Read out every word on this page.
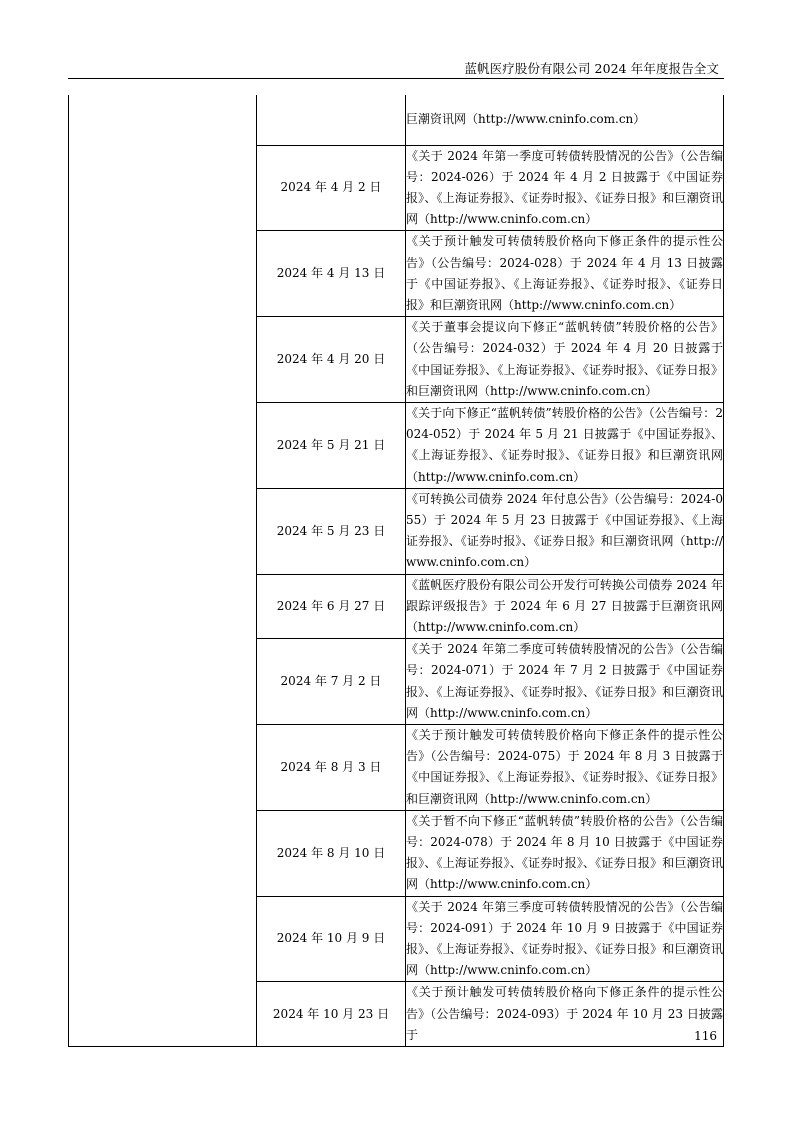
蓝帆医疗股份有限公司 2024 年年度报告全文
		巨潮资讯网（http://www.cninfo.com.cn）
	2024 年 4 月 2 日	《关于 2024 年第一季度可转债转股情况的公告》（公告编号：2024-026）于 2024 年 4 月 2 日披露于《中国证券报》、《上海证券报》、《证券时报》、《证券日报》和巨潮资讯网（http://www.cninfo.com.cn）
	2024 年 4 月 13 日	《关于预计触发可转债转股价格向下修正条件的提示性公告》（公告编号：2024-028）于 2024 年 4 月 13 日披露于《中国证券报》、《上海证券报》、《证券时报》、《证券日报》和巨潮资讯网（http://www.cninfo.com.cn）
	2024 年 4 月 20 日	《关于董事会提议向下修正“蓝帆转债”转股价格的公告》（公告编号：2024-032）于 2024 年 4 月 20 日披露于《中国证券报》、《上海证券报》、《证券时报》、《证券日报》和巨潮资讯网（http://www.cninfo.com.cn）
	2024 年 5 月 21 日	《关于向下修正“蓝帆转债”转股价格的公告》（公告编号：2024-052）于 2024 年 5 月 21 日披露于《中国证券报》、《上海证券报》、《证券时报》、《证券日报》和巨潮资讯网（http://www.cninfo.com.cn）
	2024 年 5 月 23 日	《可转换公司债券 2024 年付息公告》（公告编号：2024-055）于 2024 年 5 月 23 日披露于《中国证券报》、《上海证券报》、《证券时报》、《证券日报》和巨潮资讯网（http://www.cninfo.com.cn）
	2024 年 6 月 27 日	《蓝帆医疗股份有限公司公开发行可转换公司债券 2024 年跟踪评级报告》于 2024 年 6 月 27 日披露于巨潮资讯网（http://www.cninfo.com.cn）
	2024 年 7 月 2 日	《关于 2024 年第二季度可转债转股情况的公告》（公告编号：2024-071）于 2024 年 7 月 2 日披露于《中国证券报》、《上海证券报》、《证券时报》、《证券日报》和巨潮资讯网（http://www.cninfo.com.cn）
	2024 年 8 月 3 日	《关于预计触发可转债转股价格向下修正条件的提示性公告》（公告编号：2024-075）于 2024 年 8 月 3 日披露于《中国证券报》、《上海证券报》、《证券时报》、《证券日报》和巨潮资讯网（http://www.cninfo.com.cn）
	2024 年 8 月 10 日	《关于暂不向下修正“蓝帆转债”转股价格的公告》（公告编号：2024-078）于 2024 年 8 月 10 日披露于《中国证券报》、《上海证券报》、《证券时报》、《证券日报》和巨潮资讯网（http://www.cninfo.com.cn）
	2024 年 10 月 9 日	《关于 2024 年第三季度可转债转股情况的公告》（公告编号：2024-091）于 2024 年 10 月 9 日披露于《中国证券报》、《上海证券报》、《证券时报》、《证券日报》和巨潮资讯网（http://www.cninfo.com.cn）
	2024 年 10 月 23 日	《关于预计触发可转债转股价格向下修正条件的提示性公告》（公告编号：2024-093）于 2024 年 10 月 23 日披露于	116
